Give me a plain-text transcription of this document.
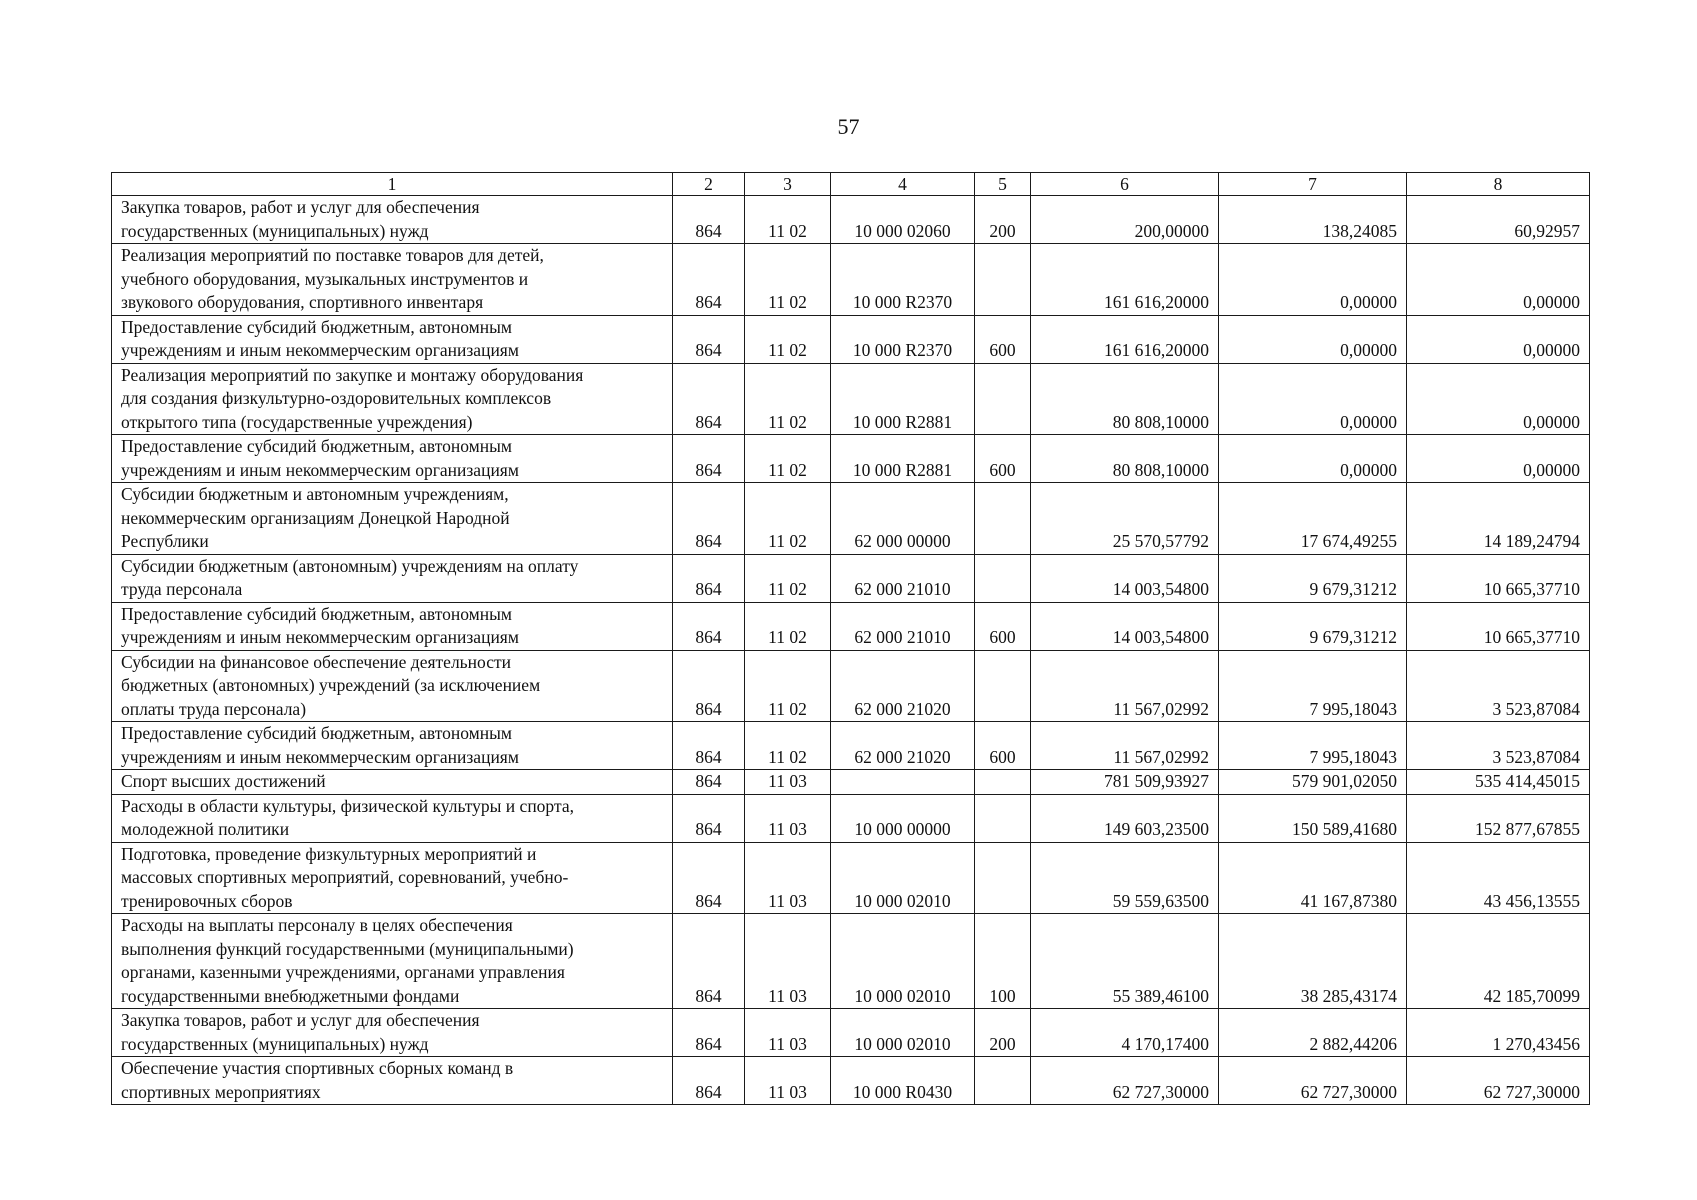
57
1	2	3	4	5	6	7	8

Закупка товаров, работ и услуг для обеспечения
государственных (муниципальных) нужд	864	11 02	10 000 02060	200	200,00000	138,24085	60,92957

Реализация мероприятий по поставке товаров для детей,
учебного оборудования, музыкальных инструментов и
звукового оборудования, спортивного инвентаря	864	11 02	10 000 R2370		161 616,20000	0,00000	0,00000

Предоставление субсидий бюджетным, автономным
учреждениям и иным некоммерческим организациям	864	11 02	10 000 R2370	600	161 616,20000	0,00000	0,00000

Реализация мероприятий по закупке и монтажу оборудования
для создания физкультурно-оздоровительных комплексов
открытого типа (государственные учреждения)	864	11 02	10 000 R2881		80 808,10000	0,00000	0,00000

Предоставление субсидий бюджетным, автономным
учреждениям и иным некоммерческим организациям	864	11 02	10 000 R2881	600	80 808,10000	0,00000	0,00000

Субсидии бюджетным и автономным учреждениям,
некоммерческим организациям Донецкой Народной
Республики	864	11 02	62 000 00000		25 570,57792	17 674,49255	14 189,24794

Субсидии бюджетным (автономным) учреждениям на оплату
труда персонала	864	11 02	62 000 21010		14 003,54800	9 679,31212	10 665,37710

Предоставление субсидий бюджетным, автономным
учреждениям и иным некоммерческим организациям	864	11 02	62 000 21010	600	14 003,54800	9 679,31212	10 665,37710

Субсидии на финансовое обеспечение деятельности
бюджетных (автономных) учреждений (за исключением
оплаты труда персонала)	864	11 02	62 000 21020		11 567,02992	7 995,18043	3 523,87084

Предоставление субсидий бюджетным, автономным
учреждениям и иным некоммерческим организациям	864	11 02	62 000 21020	600	11 567,02992	7 995,18043	3 523,87084

Спорт высших достижений	864	11 03			781 509,93927	579 901,02050	535 414,45015

Расходы в области культуры, физической культуры и спорта,
молодежной политики	864	11 03	10 000 00000		149 603,23500	150 589,41680	152 877,67855

Подготовка, проведение физкультурных мероприятий и
массовых спортивных мероприятий, соревнований, учебно-
тренировочных сборов	864	11 03	10 000 02010		59 559,63500	41 167,87380	43 456,13555

Расходы на выплаты персоналу в целях обеспечения
выполнения функций государственными (муниципальными)
органами, казенными учреждениями, органами управления
государственными внебюджетными фондами	864	11 03	10 000 02010	100	55 389,46100	38 285,43174	42 185,70099

Закупка товаров, работ и услуг для обеспечения
государственных (муниципальных) нужд	864	11 03	10 000 02010	200	4 170,17400	2 882,44206	1 270,43456

Обеспечение участия спортивных сборных команд в
спортивных мероприятиях	864	11 03	10 000 R0430		62 727,30000	62 727,30000	62 727,30000
